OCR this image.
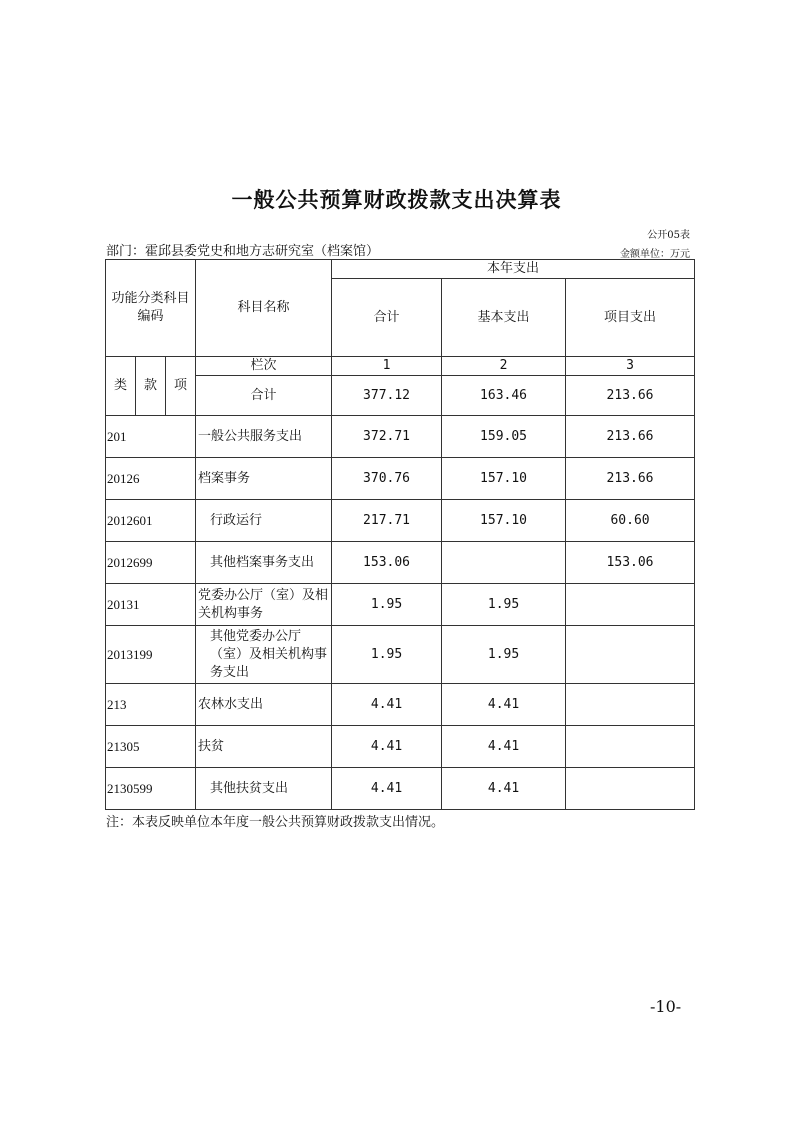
一般公共预算财政拨款支出决算表
公开05表
部门：霍邱县委党史和地方志研究室（档案馆）	金额单位：万元
功能分类科目编码			科目名称	本年支出		
				合计	基本支出	项目支出
类	款	项	栏次	1	2	3
			合计	377.12	163.46	213.66
201			一般公共服务支出	372.71	159.05	213.66
20126			档案事务	370.76	157.10	213.66
2012601			行政运行	217.71	157.10	60.60
2012699			其他档案事务支出	153.06		153.06
20131			党委办公厅（室）及相关机构事务	1.95	1.95	
2013199			其他党委办公厅（室）及相关机构事务支出	1.95	1.95	
213			农林水支出	4.41	4.41	
21305			扶贫	4.41	4.41	
2130599			其他扶贫支出	4.41	4.41	
注：本表反映单位本年度一般公共预算财政拨款支出情况。
-10-
